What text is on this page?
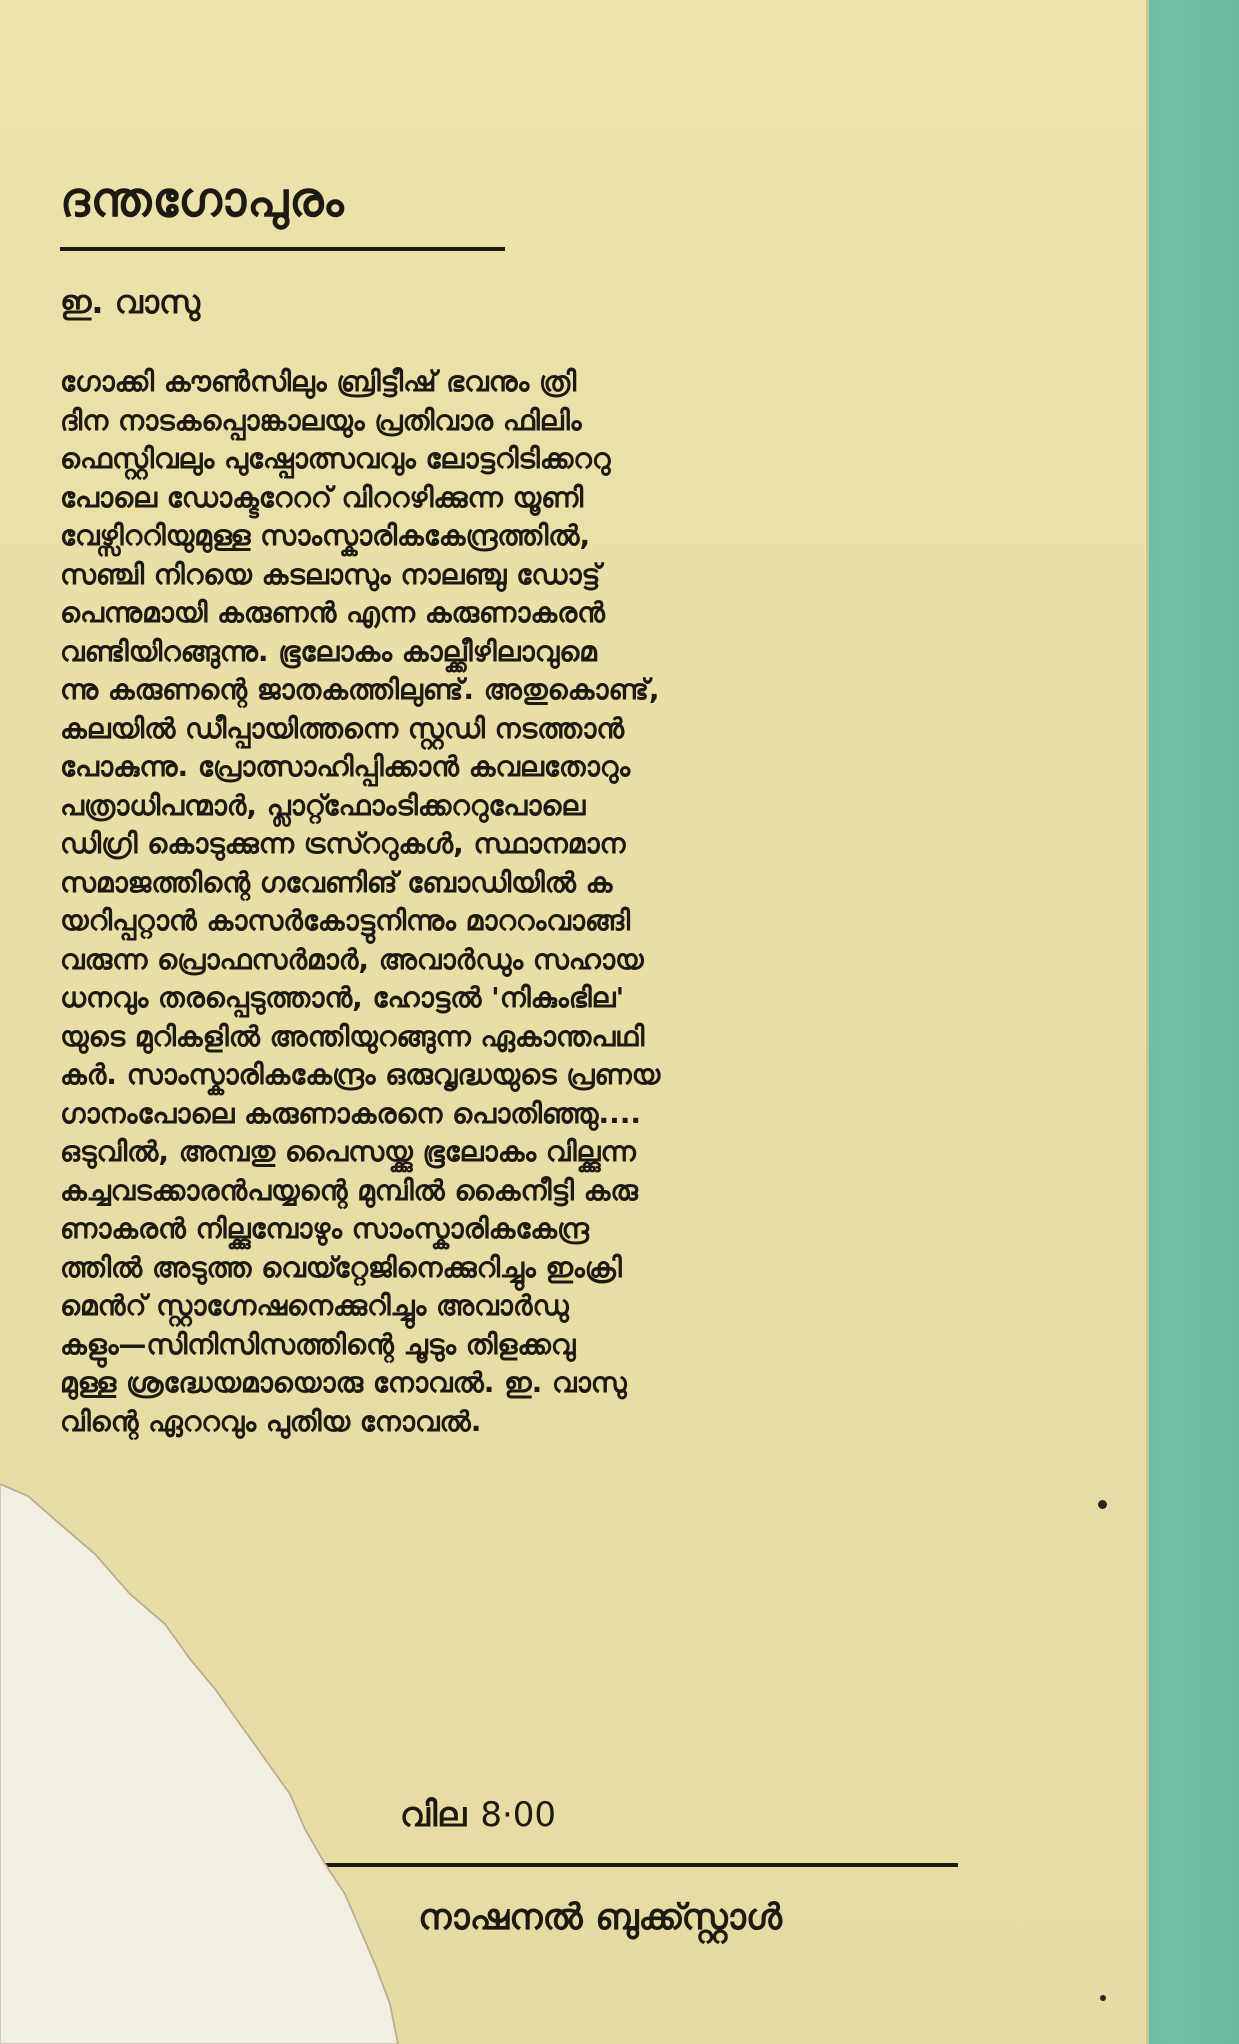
ദന്തഗോപുരം
ഇ. വാസു
ഗോക്കി കൗൺസിലും ബ്രിട്ടീഷ് ഭവനും ത്രി
ദിന നാടകപ്പൊങ്കാലയും പ്രതിവാര ഫിലിം
ഫെസ്റ്റിവലും പുഷ്പോത്സവവും ലോട്ടറിടിക്കററു
പോലെ ഡോക്ടറേററ് വിററഴിക്കുന്ന യൂണി
വേഴ്സിററിയുമുള്ള സാംസ്കാരികകേന്ദ്രത്തിൽ,
സഞ്ചി നിറയെ കടലാസും നാലഞ്ചു ഡോട്ട്
പെന്നുമായി കരുണൻ എന്ന കരുണാകരൻ
വണ്ടിയിറങ്ങുന്നു. ഭൂലോകം കാല്ക്കീഴിലാവുമെ
ന്നു കരുണന്റെ ജാതകത്തിലുണ്ട്. അതുകൊണ്ട്,
കലയിൽ ഡീപ്പായിത്തന്നെ സ്റ്റഡി നടത്താൻ
പോകുന്നു. പ്രോത്സാഹിപ്പിക്കാൻ കവലതോറും
പത്രാധിപന്മാർ, പ്ലാറ്റ്ഫോംടിക്കററുപോലെ
ഡിഗ്രി കൊടുക്കുന്ന ട്രസ്ററുകൾ, സ്ഥാനമാന
സമാജത്തിന്റെ ഗവേണിങ് ബോഡിയിൽ ക
യറിപ്പറ്റാൻ കാസർകോട്ടുനിന്നും മാററംവാങ്ങി
വരുന്ന പ്രൊഫസർമാർ, അവാർഡും സഹായ
ധനവും തരപ്പെടുത്താൻ, ഹോട്ടൽ 'നികുംഭില'
യുടെ മുറികളിൽ അന്തിയുറങ്ങുന്ന ഏകാന്തപഥി
കർ. സാംസ്കാരികകേന്ദ്രം ഒരുവൃദ്ധയുടെ പ്രണയ
ഗാനംപോലെ കരുണാകരനെ പൊതിഞ്ഞു....
ഒടുവിൽ, അമ്പതു പൈസയ്ക്കു ഭൂലോകം വില്ക്കുന്ന
കച്ചവടക്കാരൻപയ്യന്റെ മുമ്പിൽ കൈനീട്ടി കരു
ണാകരൻ നില്ക്കുമ്പോഴും സാംസ്കാരികകേന്ദ്ര
ത്തിൽ അടുത്ത വെയ്റ്റേജിനെക്കുറിച്ചും ഇംക്രി
മെൻറ് സ്റ്റാഗ്നേഷനെക്കുറിച്ചും അവാർഡു
കളും—സിനിസിസത്തിന്റെ ചൂടും തിളക്കവു
മുള്ള ശ്രദ്ധേയമായൊരു നോവൽ. ഇ. വാസു
വിന്റെ ഏററവും പുതിയ നോവൽ.
വില 8·00
നാഷനൽ ബുക്ക്സ്റ്റാൾ
